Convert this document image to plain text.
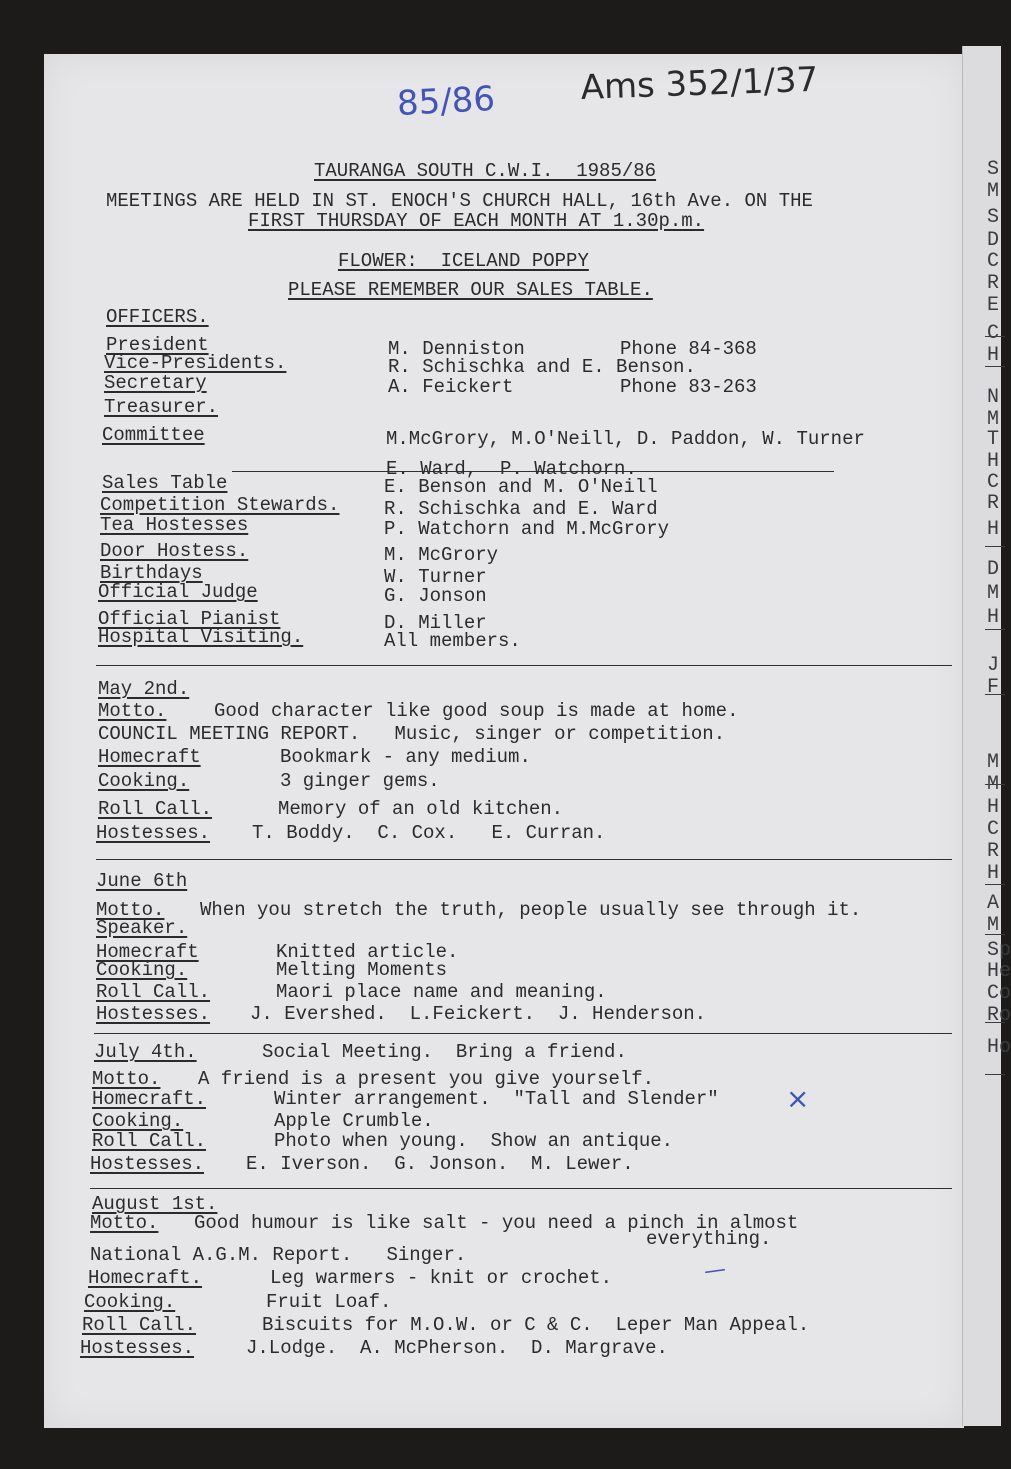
S
M
S
D
C
R
E
C
H
N
M
T
H
C
R
H
D
M
H
J
F
M
M
H
C
R
H
A
M
Sp
He
Co
Ro
Ho
85/86 Ams 352/1/37
TAURANGA SOUTH C.W.I.  1985/86
MEETINGS ARE HELD IN ST. ENOCH'S CHURCH HALL, 16th Ave. ON THE
FIRST THURSDAY OF EACH MONTH AT 1.30p.m.
FLOWER:  ICELAND POPPY
PLEASE REMEMBER OUR SALES TABLE.
OFFICERS.
President	M. Denniston	Phone 84-368
Vice-Presidents.	R. Schischka and E. Benson.
Secretary	A. Feickert	Phone 83-263
Treasurer.
Committee	M.McGrory, M.O'Neill, D. Paddon, W. Turner
E. Ward,  P. Watchorn.
Sales Table	E. Benson and M. O'Neill
Competition Stewards. R. Schischka and E. Ward
Tea Hostesses	P. Watchorn and M.McGrory
Door Hostess.	M. McGrory
Birthdays	W. Turner
Official Judge	G. Jonson
Official Pianist	D. Miller
Hospital Visiting.	All members.
May 2nd.
Motto.	Good character like good soup is made at home.
COUNCIL MEETING REPORT.   Music, singer or competition.
Homecraft	Bookmark - any medium.
Cooking.	3 ginger gems.
Roll Call.	Memory of an old kitchen.
Hostesses. T. Boddy.  C. Cox.   E. Curran.
June 6th
Motto. When you stretch the truth, people usually see through it.
Speaker.
Homecraft	Knitted article.
Cooking.	Melting Moments
Roll Call.	Maori place name and meaning.
Hostesses. J. Evershed.  L.Feickert.  J. Henderson.
July 4th.	Social Meeting.  Bring a friend.
Motto. A friend is a present you give yourself.
Homecraft.	Winter arrangement.  "Tall and Slender"
Cooking.	Apple Crumble.
Roll Call.	Photo when young.  Show an antique.
Hostesses. E. Iverson.  G. Jonson.  M. Lewer.
August 1st.
Motto. Good humour is like salt - you need a pinch in almost
everything.
National A.G.M. Report.   Singer.
Homecraft.	Leg warmers - knit or crochet.
Cooking.	Fruit Loaf.
Roll Call.	Biscuits for M.O.W. or C & C.  Leper Man Appeal.
Hostesses.	J.Lodge.  A. McPherson.  D. Margrave.
×
—
